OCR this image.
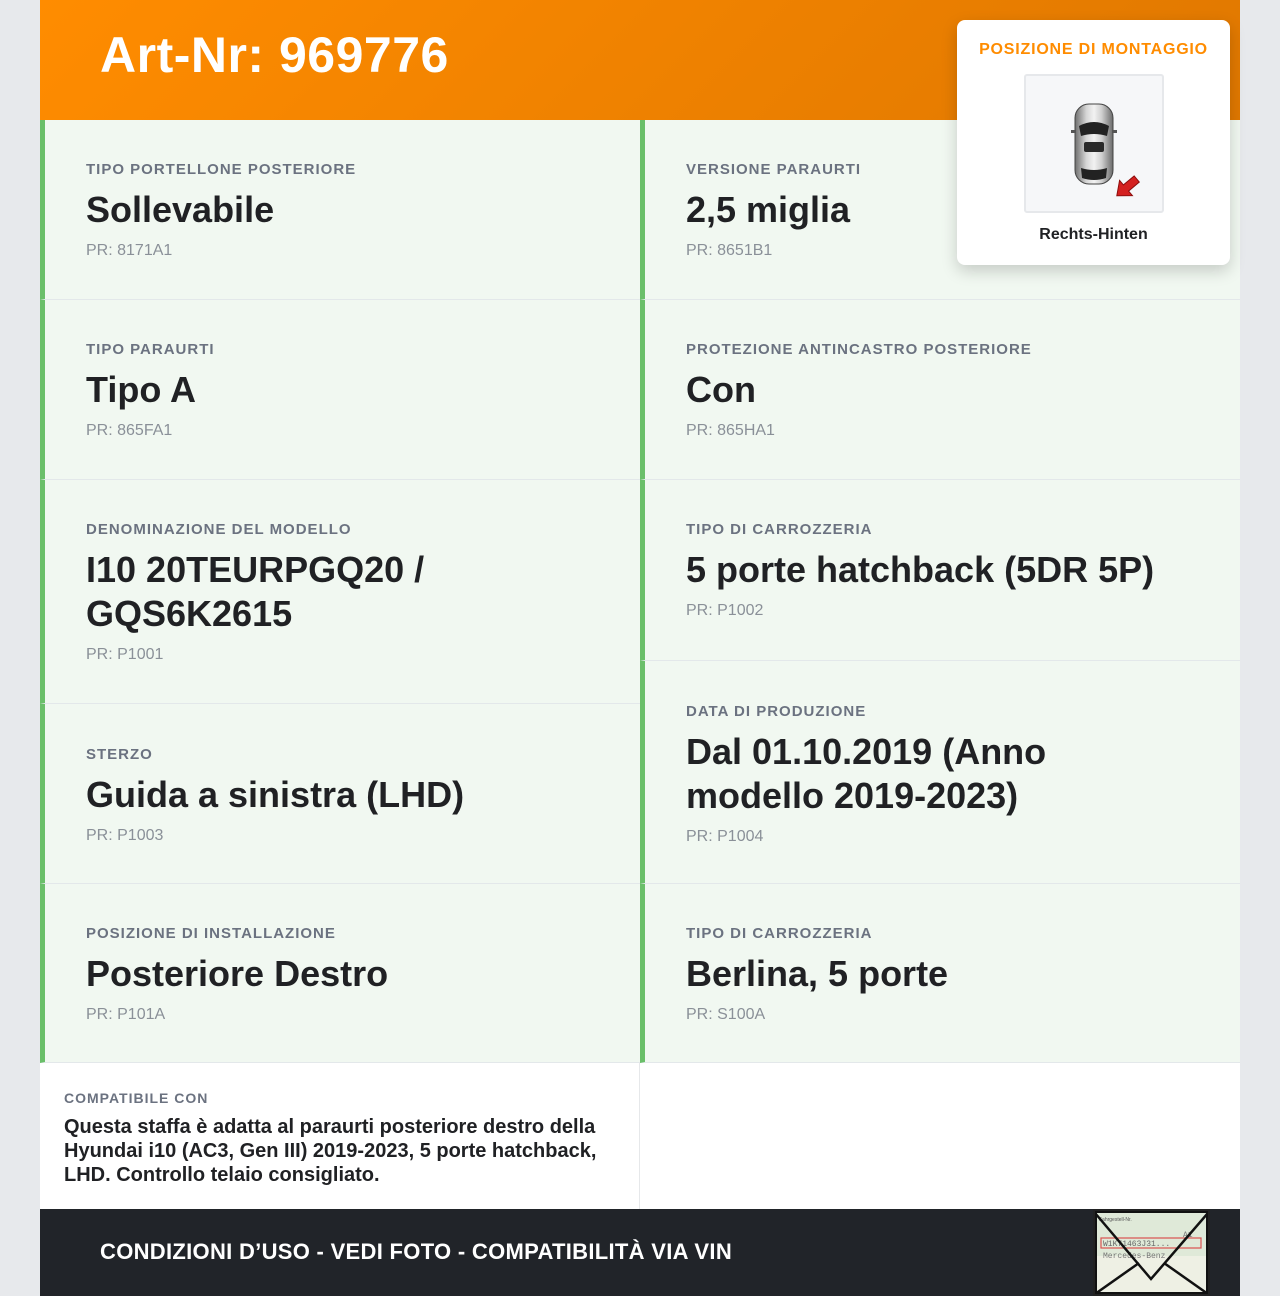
Art-Nr: 969776
TIPO PORTELLONE POSTERIORE
Sollevabile
PR: 8171A1
TIPO PARAURTI
Tipo A
PR: 865FA1
DENOMINAZIONE DEL MODELLO
I10 20TEURPGQ20 / GQS6K2615
PR: P1001
STERZO
Guida a sinistra (LHD)
PR: P1003
POSIZIONE DI INSTALLAZIONE
Posteriore Destro
PR: P101A
VERSIONE PARAURTI
2,5 miglia
PR: 8651B1
PROTEZIONE ANTINCASTRO POSTERIORE
Con
PR: 865HA1
TIPO DI CARROZZERIA
5 porte hatchback (5DR 5P)
PR: P1002
DATA DI PRODUZIONE
Dal 01.10.2019 (Anno modello 2019-2023)
PR: P1004
TIPO DI CARROZZERIA
Berlina, 5 porte
PR: S100A
COMPATIBILE CON
Questa staffa è adatta al paraurti posteriore destro della Hyundai i10 (AC3, Gen III) 2019-2023, 5 porte hatchback, LHD. Controllo telaio consigliato.
CONDIZIONI D’USO - VEDI FOTO - COMPATIBILITÀ VIA VIN
Fahrgestell-Nr.
A1
W1K71463J31...
Mercedes-Benz
POSIZIONE DI MONTAGGIO
Rechts-Hinten
